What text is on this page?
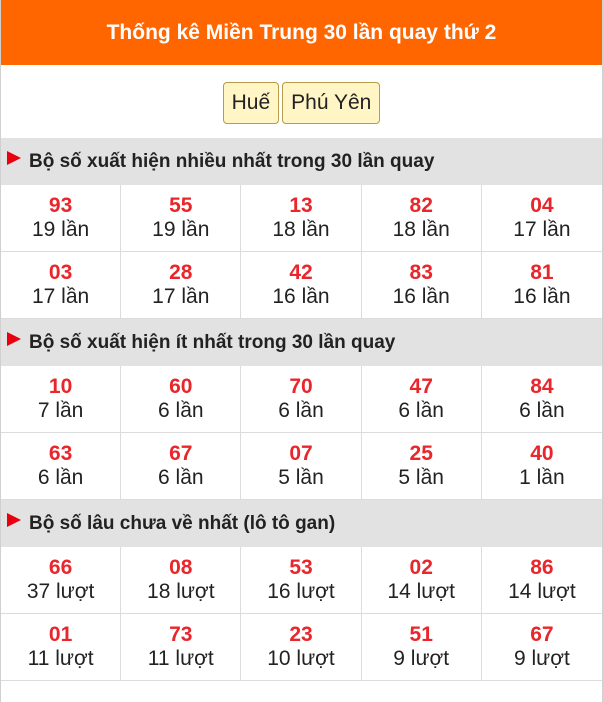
Thống kê Miền Trung 30 lần quay thứ 2
Huế	Phú Yên
Bộ số xuất hiện nhiều nhất trong 30 lần quay
93
19 lần
55
19 lần
13
18 lần
82
18 lần
04
17 lần
03
17 lần
28
17 lần
42
16 lần
83
16 lần
81
16 lần
Bộ số xuất hiện ít nhất trong 30 lần quay
10
7 lần
60
6 lần
70
6 lần
47
6 lần
84
6 lần
63
6 lần
67
6 lần
07
5 lần
25
5 lần
40
1 lần
Bộ số lâu chưa về nhất (lô tô gan)
66
37 lượt
08
18 lượt
53
16 lượt
02
14 lượt
86
14 lượt
01
11 lượt
73
11 lượt
23
10 lượt
51
9 lượt
67
9 lượt
